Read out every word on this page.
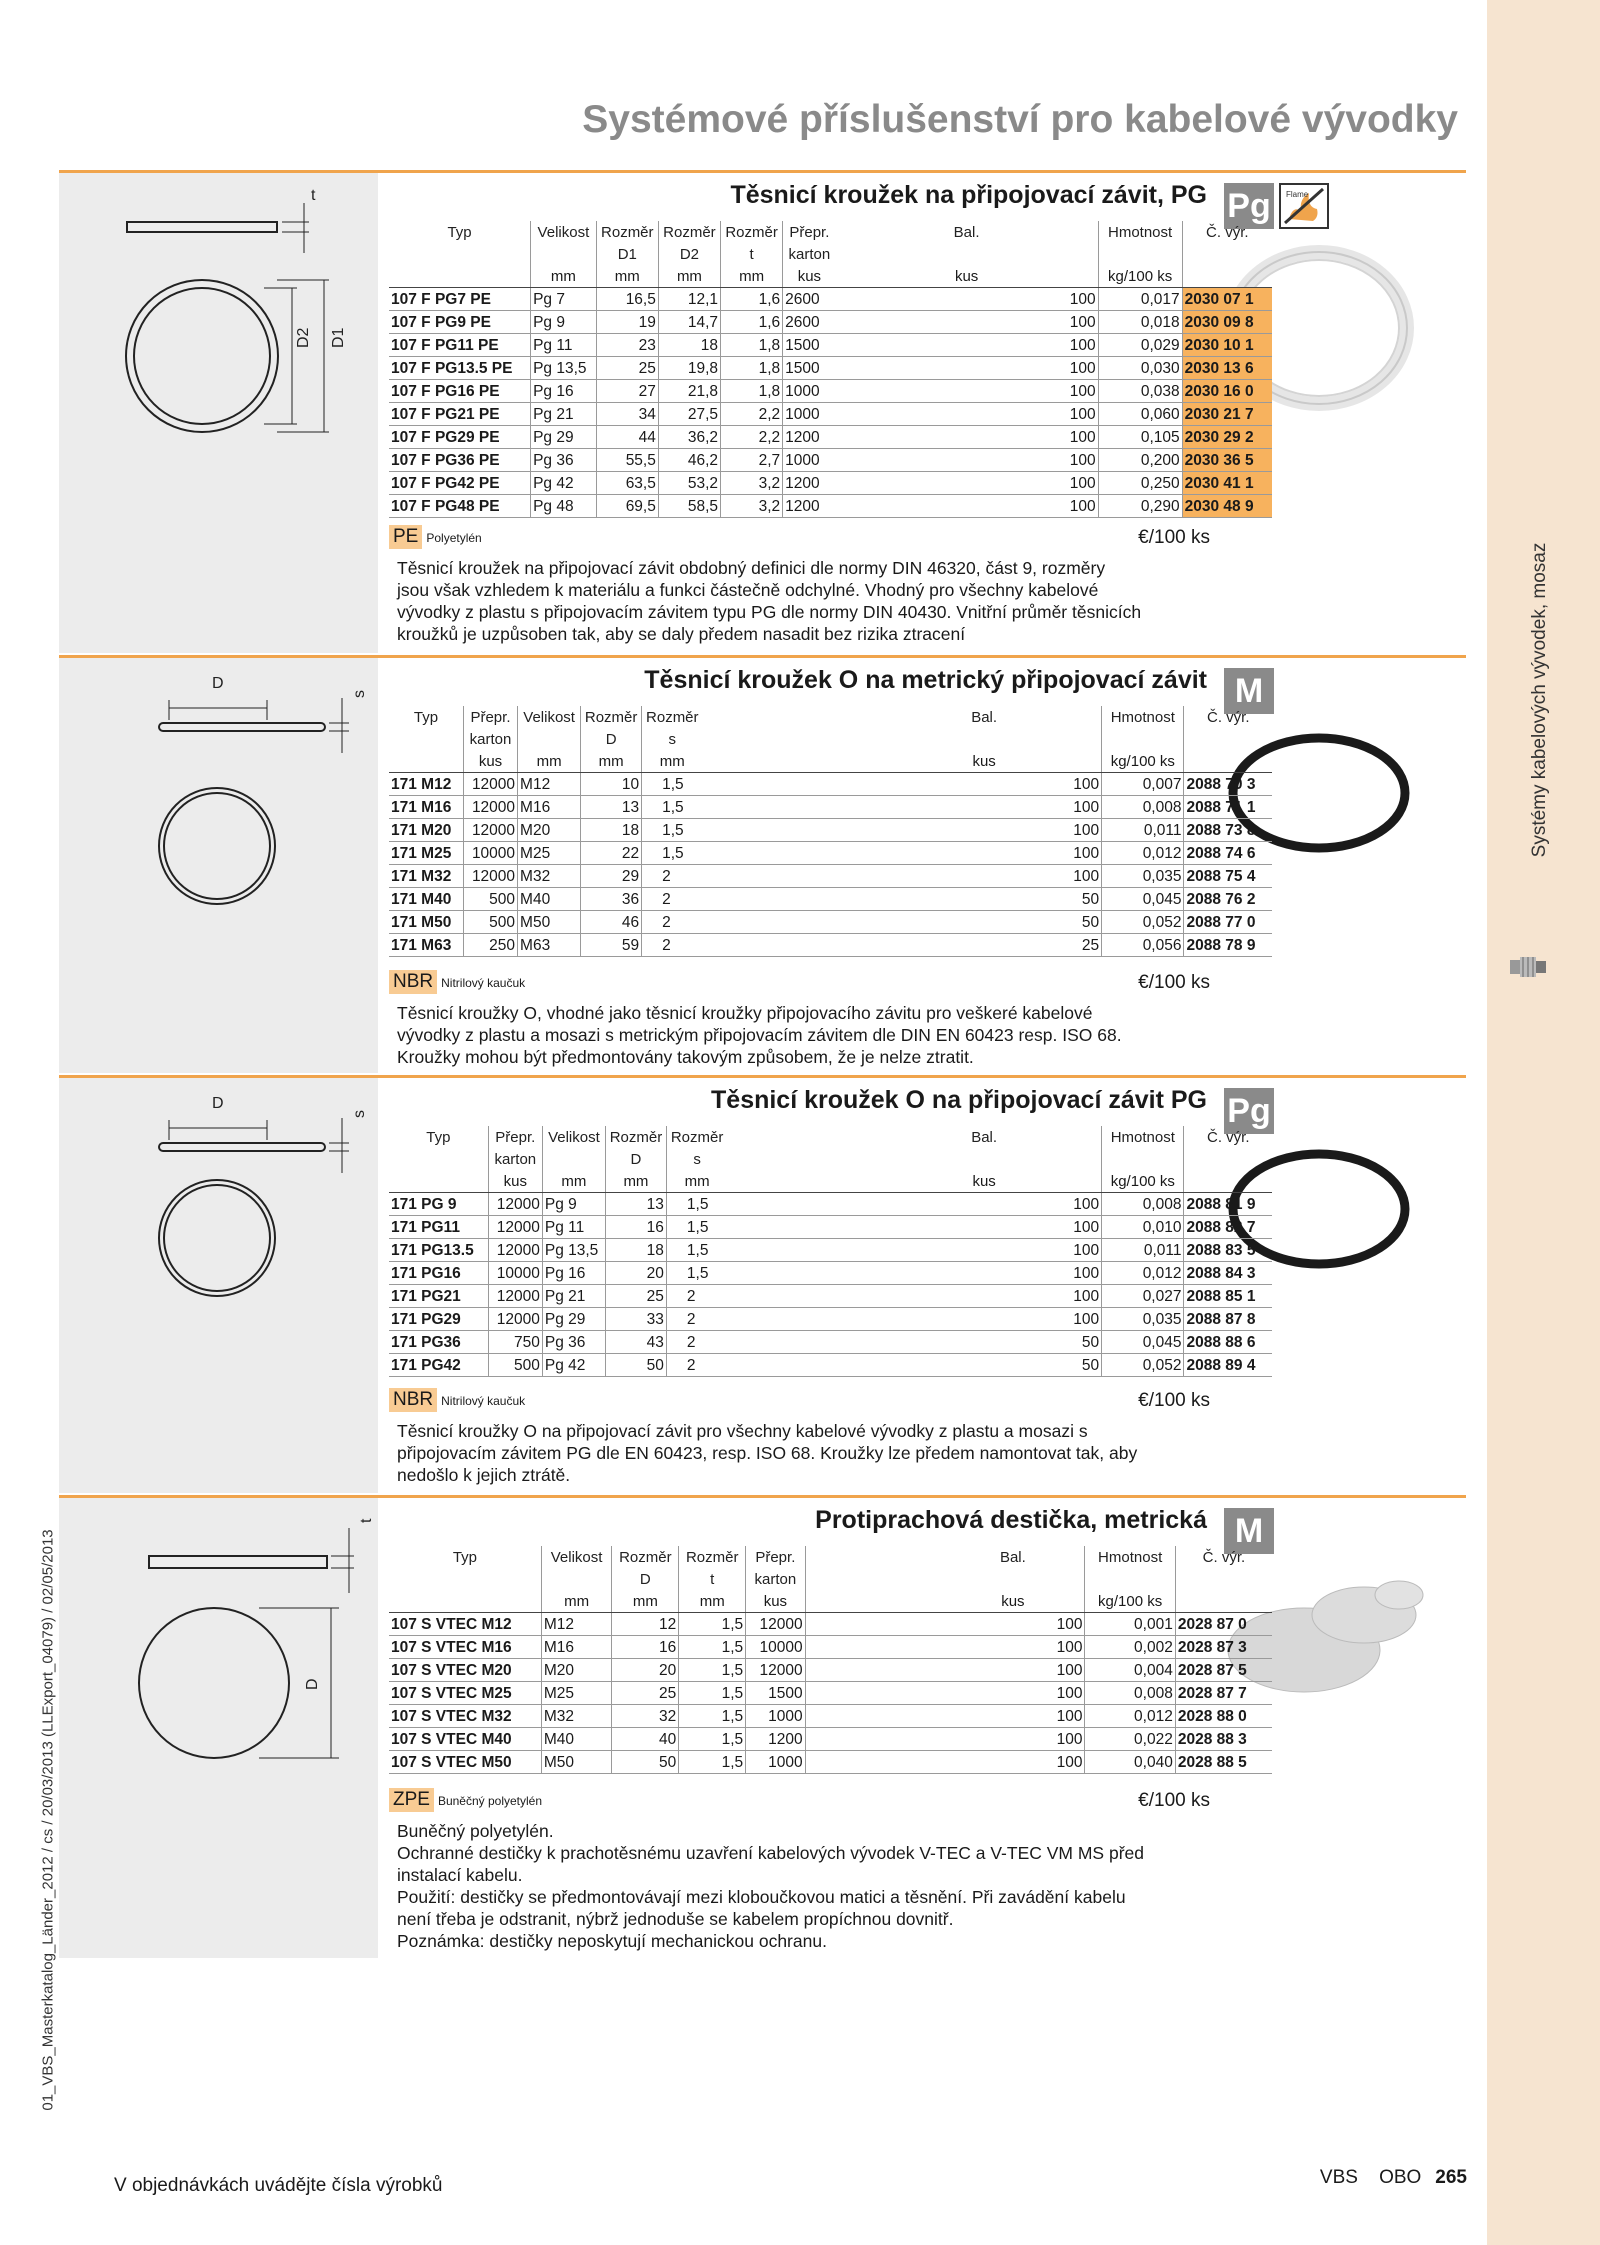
Systémy kabelových vývodek, mosaz
01_VBS_Masterkatalog_Länder_2012 / cs / 20/03/2013 (LLExport_04079) / 02/05/2013
Systémové příslušenství pro kabelové vývodky
t
D2 D1
Těsnicí kroužek na připojovací závit, PG Pg	Flame
Typ	Velikost	Rozměr	Rozměr	Rozměr	Přepr.	Bal.	Hmotnost	Č. výr.
		D1	D2	t	karton			
	mm	mm	mm	mm	kus	kus	kg/100 ks	
107 F PG7 PE	Pg 7	16,5	12,1	1,6	2600	100	0,017	2030 07 1
107 F PG9 PE	Pg 9	19	14,7	1,6	2600	100	0,018	2030 09 8
107 F PG11 PE	Pg 11	23	18	1,8	1500	100	0,029	2030 10 1
107 F PG13.5 PE	Pg 13,5	25	19,8	1,8	1500	100	0,030	2030 13 6
107 F PG16 PE	Pg 16	27	21,8	1,8	1000	100	0,038	2030 16 0
107 F PG21 PE	Pg 21	34	27,5	2,2	1000	100	0,060	2030 21 7
107 F PG29 PE	Pg 29	44	36,2	2,2	1200	100	0,105	2030 29 2
107 F PG36 PE	Pg 36	55,5	46,2	2,7	1000	100	0,200	2030 36 5
107 F PG42 PE	Pg 42	63,5	53,2	3,2	1200	100	0,250	2030 41 1
107 F PG48 PE	Pg 48	69,5	58,5	3,2	1200	100	0,290	2030 48 9
PE Polyetylén	€/100 ks
Těsnicí kroužek na připojovací závit obdobný definici dle normy DIN 46320, část 9, rozměry
jsou však vzhledem k materiálu a funkci částečně odchylné. Vhodný pro všechny kabelové
vývodky z plastu s připojovacím závitem typu PG dle normy DIN 40430. Vnitřní průměr těsnicích
kroužků je uzpůsoben tak, aby se daly předem nasadit bez rizika ztracení
D
s	Těsnicí kroužek O na metrický připojovací závit M
Typ	Přepr.	Velikost	Rozměr	Rozměr		Bal.	Hmotnost	Č. výr.
	karton		D	s				
	kus	mm	mm	mm		kus	kg/100 ks	
171 M12	12000	M12	10	1,5		100	0,007	2088 70 3
171 M16	12000	M16	13	1,5		100	0,008	2088 71 1
171 M20	12000	M20	18	1,5		100	0,011	2088 73 8
171 M25	10000	M25	22	1,5		100	0,012	2088 74 6
171 M32	12000	M32	29	2		100	0,035	2088 75 4
171 M40	500	M40	36	2		50	0,045	2088 76 2
171 M50	500	M50	46	2		50	0,052	2088 77 0
171 M63	250	M63	59	2		25	0,056	2088 78 9
NBR Nitrilový kaučuk	€/100 ks
Těsnicí kroužky O, vhodné jako těsnicí kroužky připojovacího závitu pro veškeré kabelové
vývodky z plastu a mosazi s metrickým připojovacím závitem dle DIN EN 60423 resp. ISO 68.
Kroužky mohou být předmontovány takovým způsobem, že je nelze ztratit.
D
s	Těsnicí kroužek O na připojovací závit PG Pg
Typ	Přepr.	Velikost	Rozměr	Rozměr		Bal.	Hmotnost	Č. výr.
	karton		D	s				
	kus	mm	mm	mm		kus	kg/100 ks	
171 PG 9	12000	Pg 9	13	1,5		100	0,008	2088 81 9
171 PG11	12000	Pg 11	16	1,5		100	0,010	2088 82 7
171 PG13.5	12000	Pg 13,5	18	1,5		100	0,011	2088 83 5
171 PG16	10000	Pg 16	20	1,5		100	0,012	2088 84 3
171 PG21	12000	Pg 21	25	2		100	0,027	2088 85 1
171 PG29	12000	Pg 29	33	2		100	0,035	2088 87 8
171 PG36	750	Pg 36	43	2		50	0,045	2088 88 6
171 PG42	500	Pg 42	50	2		50	0,052	2088 89 4
NBR Nitrilový kaučuk	€/100 ks
Těsnicí kroužky O na připojovací závit pro všechny kabelové vývodky z plastu a mosazi s
připojovacím závitem PG dle EN 60423, resp. ISO 68. Kroužky lze předem namontovat tak, aby
nedošlo k jejich ztrátě.
t
D
Protiprachová destička, metrická M
Typ	Velikost	Rozměr	Rozměr	Přepr.		Bal.	Hmotnost	Č. výr.
		D	t	karton				
	mm	mm	mm	kus		kus	kg/100 ks	
107 S VTEC M12	M12	12	1,5	12000		100	0,001	2028 87 0
107 S VTEC M16	M16	16	1,5	10000		100	0,002	2028 87 3
107 S VTEC M20	M20	20	1,5	12000		100	0,004	2028 87 5
107 S VTEC M25	M25	25	1,5	1500		100	0,008	2028 87 7
107 S VTEC M32	M32	32	1,5	1000		100	0,012	2028 88 0
107 S VTEC M40	M40	40	1,5	1200		100	0,022	2028 88 3
107 S VTEC M50	M50	50	1,5	1000		100	0,040	2028 88 5
ZPE Buněčný polyetylén	€/100 ks
Buněčný polyetylén.
Ochranné destičky k prachotěsnému uzavření kabelových vývodek V-TEC a V-TEC VM MS před
instalací kabelu.
Použití: destičky se předmontovávají mezi kloboučkovou matici a těsnění. Při zavádění kabelu
není třeba je odstranit, nýbrž jednoduše se kabelem propíchnou dovnitř.
Poznámka: destičky neposkytují mechanickou ochranu.
V objednávkách uvádějte čísla výrobků	VBS OBO 265
